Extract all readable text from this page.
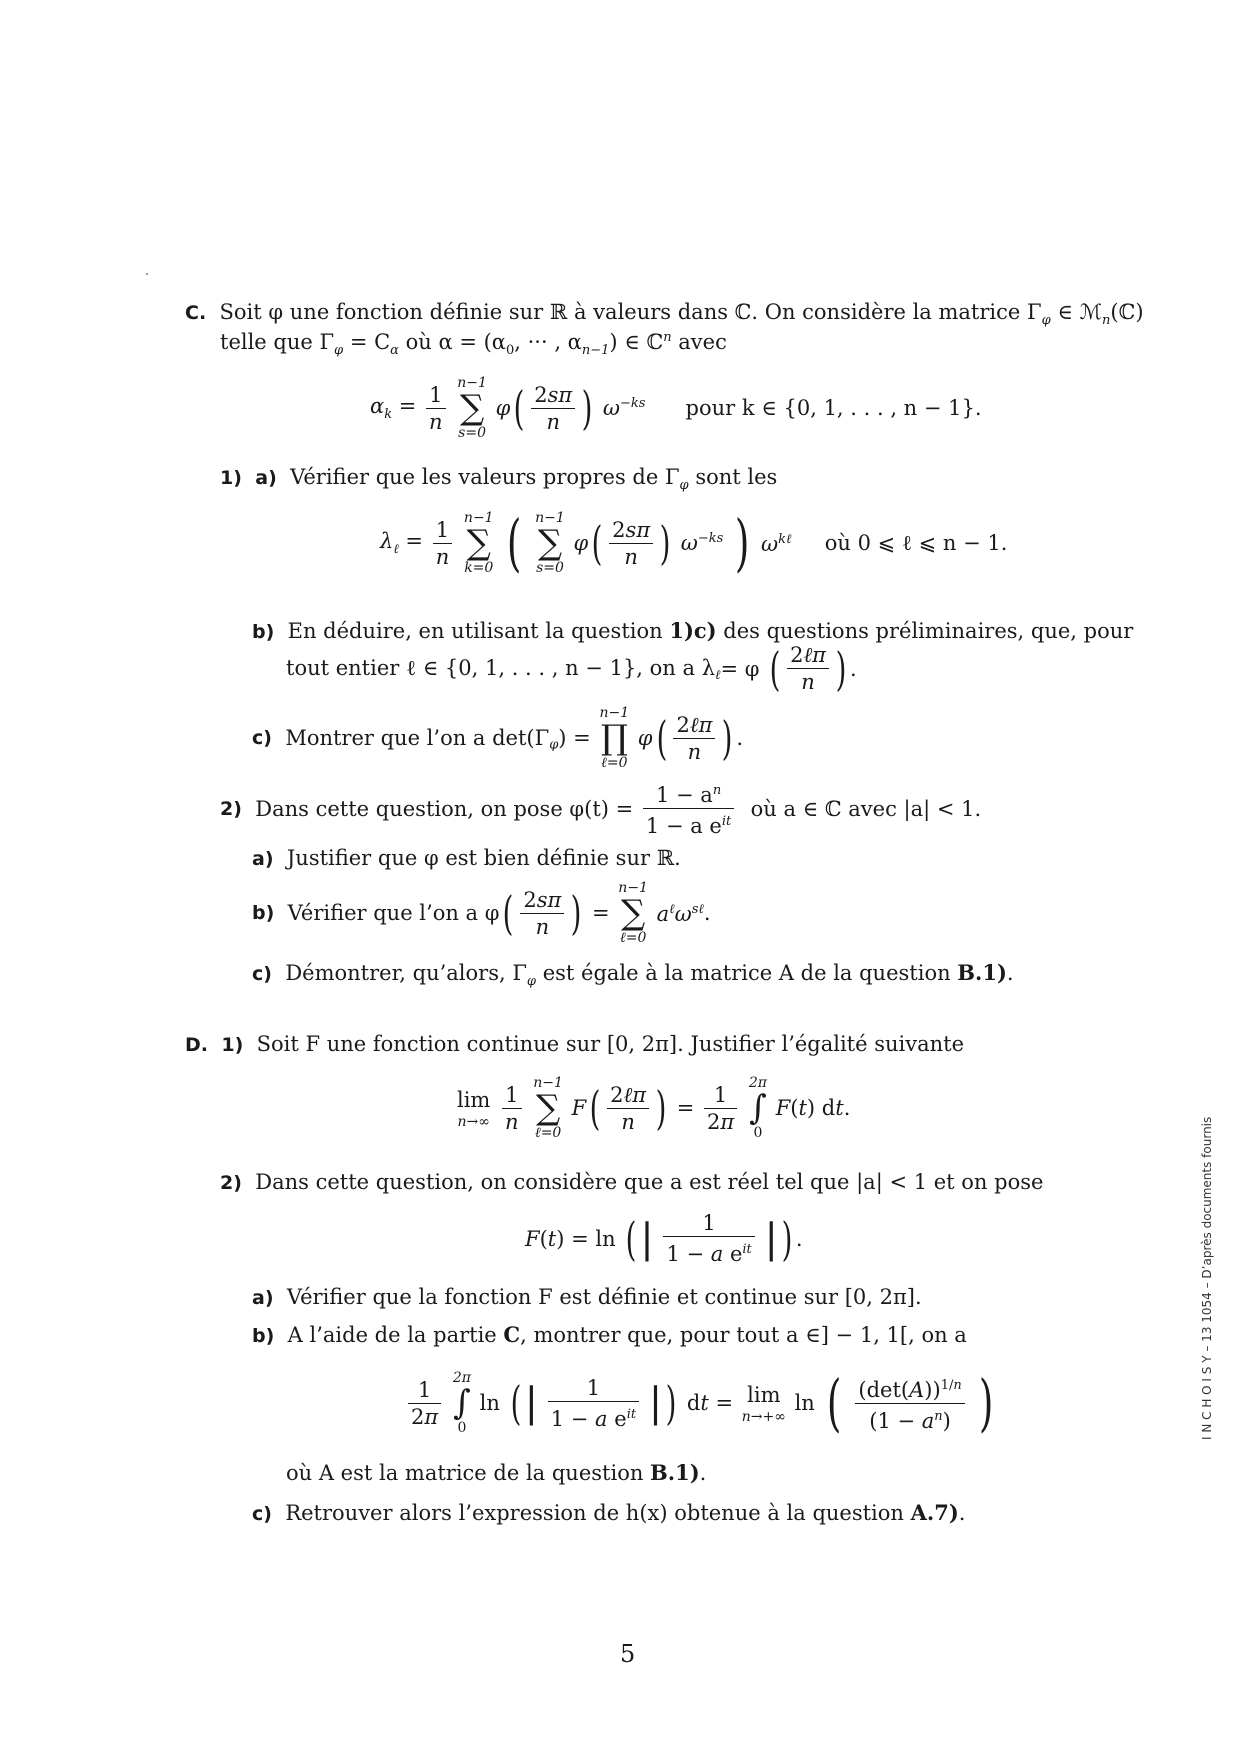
C. Soit φ une fonction définie sur ℝ à valeurs dans ℂ. On considère la matrice $\Gamma_\varphi$ ∈ ℳ$_n$(ℂ)
telle que $\Gamma_\varphi = C_\alpha$ où $\alpha = (\alpha_0$, ··· , $\alpha_{n-1}$) ∈ ℂ$^n$ avec
$\alpha_k = \frac{1}{n}$
n−1
∑
s=0
$\varphi( \frac{2s\pi}{n}$ ) $\omega^{-ks}$ pour k ∈ {0, 1, . . . , n − 1}.
1) a) Vérifier que les valeurs propres de $\Gamma_\varphi$ sont les
$\lambda_\ell = \frac{1}{n}$
n−1
∑
k=0 ( n−1
∑
s=0
$\varphi( \frac{2s\pi}{n}$ ) $\omega^{-ks}$ ) $\omega^{k\ell}$ où 0 ⩽ ℓ ⩽ n − 1.
b) En déduire, en utilisant la question 1)c) des questions préliminaires, que, pour
tout entier ℓ ∈ {0, 1, . . . , n − 1}, on a $\lambda_\ell= \varphi$ ( $\frac{\text{2ℓπ}}{n}$ ) .
c) Montrer que l’on a $\det(\Gamma_\varphi)$ =
n−1
∏
ℓ=0
$\varphi( \frac{\text{2ℓπ}}{n}$ ) .
2) Dans cette question, on pose $\varphi(t) = \frac{1 - a^n}{1 - a e^{it}}$ où a ∈ ℂ avec |a| < 1.
a) Justifier que φ est bien définie sur ℝ.
b) Vérifier que l’on a $\varphi( \frac{2s\pi}{n}$ ) =
n−1
∑
ℓ=0
$a^\ell\omega^{s\ell}$.
c) Démontrer, qu’alors, $\Gamma_\varphi$ est égale à la matrice A de la question B.1).
D. 1) Soit F une fonction continue sur [0, 2π]. Justifier l’égalité suivante
lim
n→∞
$\frac{1}{n}$
n−1
∑
ℓ=0
$F( \frac{\text{2ℓπ}}{n}$ ) = $\frac{1}{2\pi}$
2π
∫
0
F(t) dt.
2) Dans cette question, on considère que a est réel tel que |a| < 1 et on pose
F(t) = ln (| $\frac{1}{1 - a e^{it}}$ |) .
a) Vérifier que la fonction F est définie et continue sur [0, 2π].
b) A l’aide de la partie C, montrer que, pour tout a ∈] − 1, 1[, on a
$\frac{1}{2\pi}$
2π
∫
0
ln (| $\frac{1}{1 - a e^{it}}$ |) dt = lim
n→+∞
ln ( $\frac{(\det(A))^{1/n}}{(1 - a^n)}$ )
où A est la matrice de la question B.1).
c) Retrouver alors l’expression de h(x) obtenue à la question A.7).
5
I N C H O I S Y – 13 1054 – D’après documents fournis
